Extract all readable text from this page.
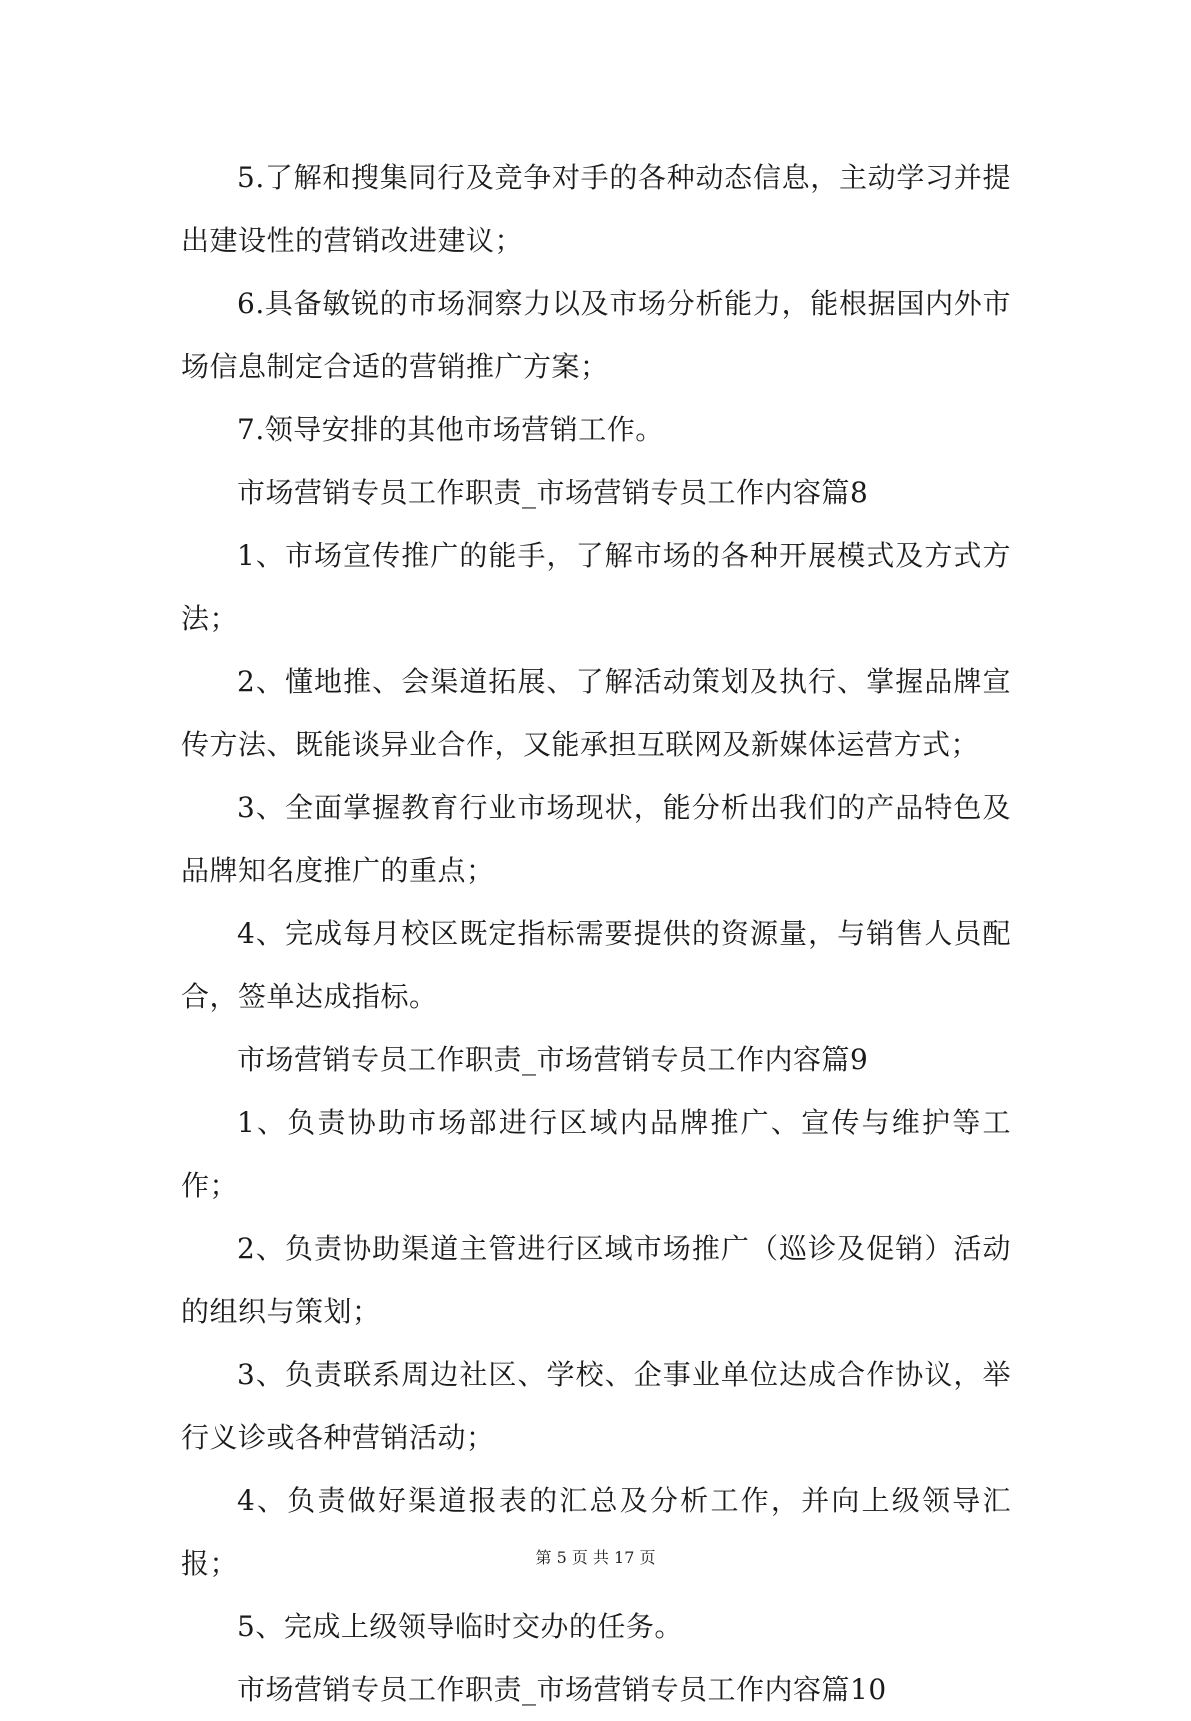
5.了解和搜集同行及竞争对手的各种动态信息，主动学习并提出建设性的营销改进建议；

6.具备敏锐的市场洞察力以及市场分析能力，能根据国内外市场信息制定合适的营销推广方案；

7.领导安排的其他市场营销工作。

市场营销专员工作职责_市场营销专员工作内容篇8

1、市场宣传推广的能手，了解市场的各种开展模式及方式方法；

2、懂地推、会渠道拓展、了解活动策划及执行、掌握品牌宣传方法、既能谈异业合作，又能承担互联网及新媒体运营方式；

3、全面掌握教育行业市场现状，能分析出我们的产品特色及品牌知名度推广的重点；

4、完成每月校区既定指标需要提供的资源量，与销售人员配合，签单达成指标。

市场营销专员工作职责_市场营销专员工作内容篇9

1、负责协助市场部进行区域内品牌推广、宣传与维护等工作；

2、负责协助渠道主管进行区域市场推广（巡诊及促销）活动的组织与策划；

3、负责联系周边社区、学校、企事业单位达成合作协议，举行义诊或各种营销活动；

4、负责做好渠道报表的汇总及分析工作，并向上级领导汇报；

5、完成上级领导临时交办的任务。

市场营销专员工作职责_市场营销专员工作内容篇10

第 5 页 共 17 页
